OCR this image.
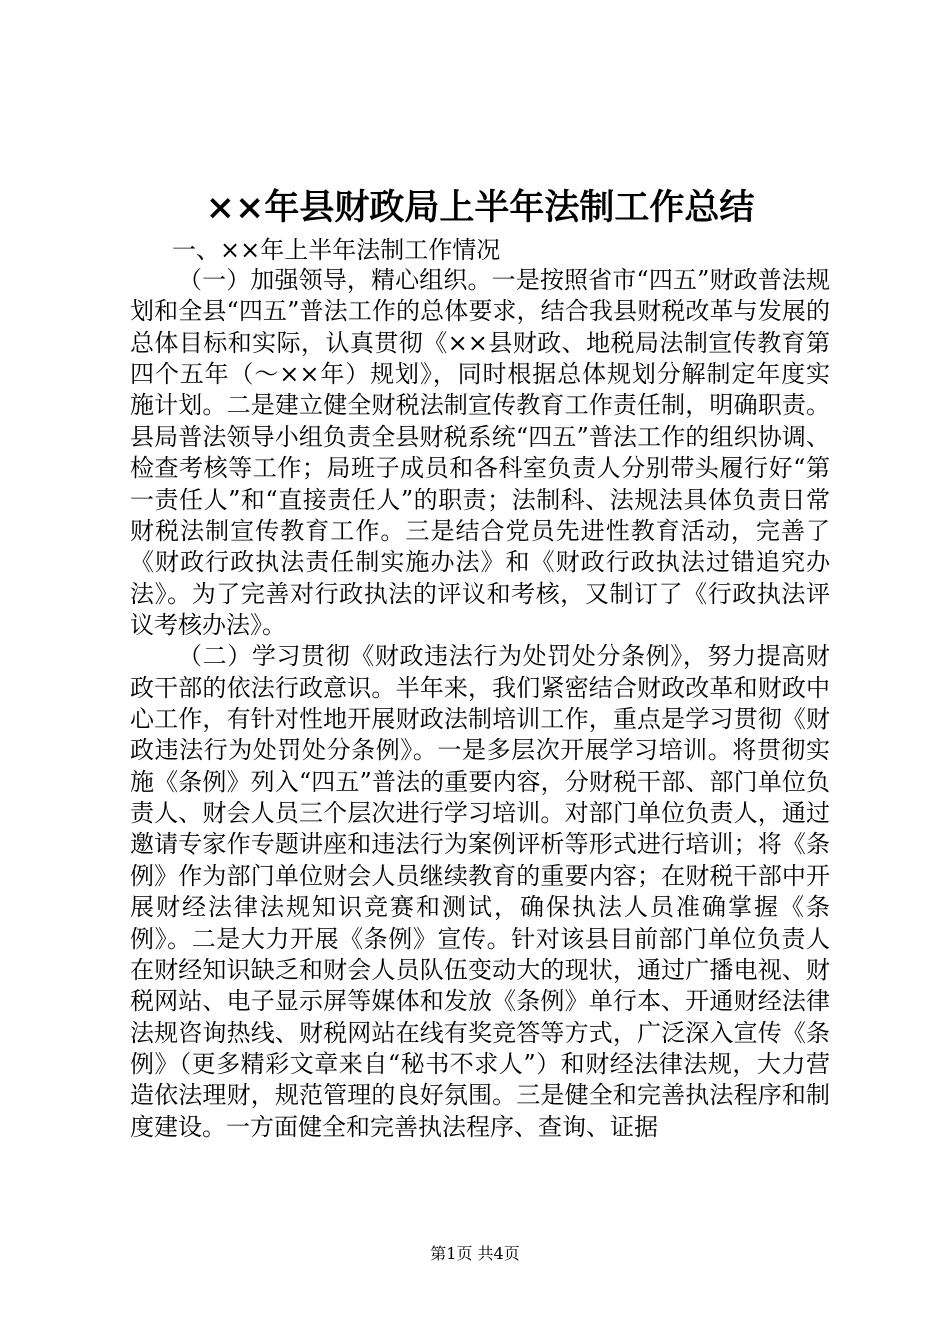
××年县财政局上半年法制工作总结
一、××年上半年法制工作情况

（一）加强领导，精心组织。一是按照省市“四五”财政普法规划和全县“四五”普法工作的总体要求，结合我县财税改革与发展的总体目标和实际，认真贯彻《××县财政、地税局法制宣传教育第四个五年（～××年）规划》，同时根据总体规划分解制定年度实施计划。二是建立健全财税法制宣传教育工作责任制，明确职责。县局普法领导小组负责全县财税系统“四五”普法工作的组织协调、检查考核等工作；局班子成员和各科室负责人分别带头履行好“第一责任人”和“直接责任人”的职责；法制科、法规法具体负责日常财税法制宣传教育工作。三是结合党员先进性教育活动，完善了《财政行政执法责任制实施办法》和《财政行政执法过错追究办法》。为了完善对行政执法的评议和考核，又制订了《行政执法评议考核办法》。

（二）学习贯彻《财政违法行为处罚处分条例》，努力提高财政干部的依法行政意识。半年来，我们紧密结合财政改革和财政中心工作，有针对性地开展财政法制培训工作，重点是学习贯彻《财政违法行为处罚处分条例》。一是多层次开展学习培训。将贯彻实施《条例》列入“四五”普法的重要内容，分财税干部、部门单位负责人、财会人员三个层次进行学习培训。对部门单位负责人，通过邀请专家作专题讲座和违法行为案例评析等形式进行培训；将《条例》作为部门单位财会人员继续教育的重要内容；在财税干部中开展财经法律法规知识竞赛和测试，确保执法人员准确掌握《条例》。二是大力开展《条例》宣传。针对该县目前部门单位负责人在财经知识缺乏和财会人员队伍变动大的现状，通过广播电视、财税网站、电子显示屏等媒体和发放《条例》单行本、开通财经法律法规咨询热线、财税网站在线有奖竞答等方式，广泛深入宣传《条例》（更多精彩文章来自“秘书不求人”）和财经法律法规，大力营造依法理财，规范管理的良好氛围。三是健全和完善执法程序和制度建设。一方面健全和完善执法程序、查询、证据

第1页 共4页
